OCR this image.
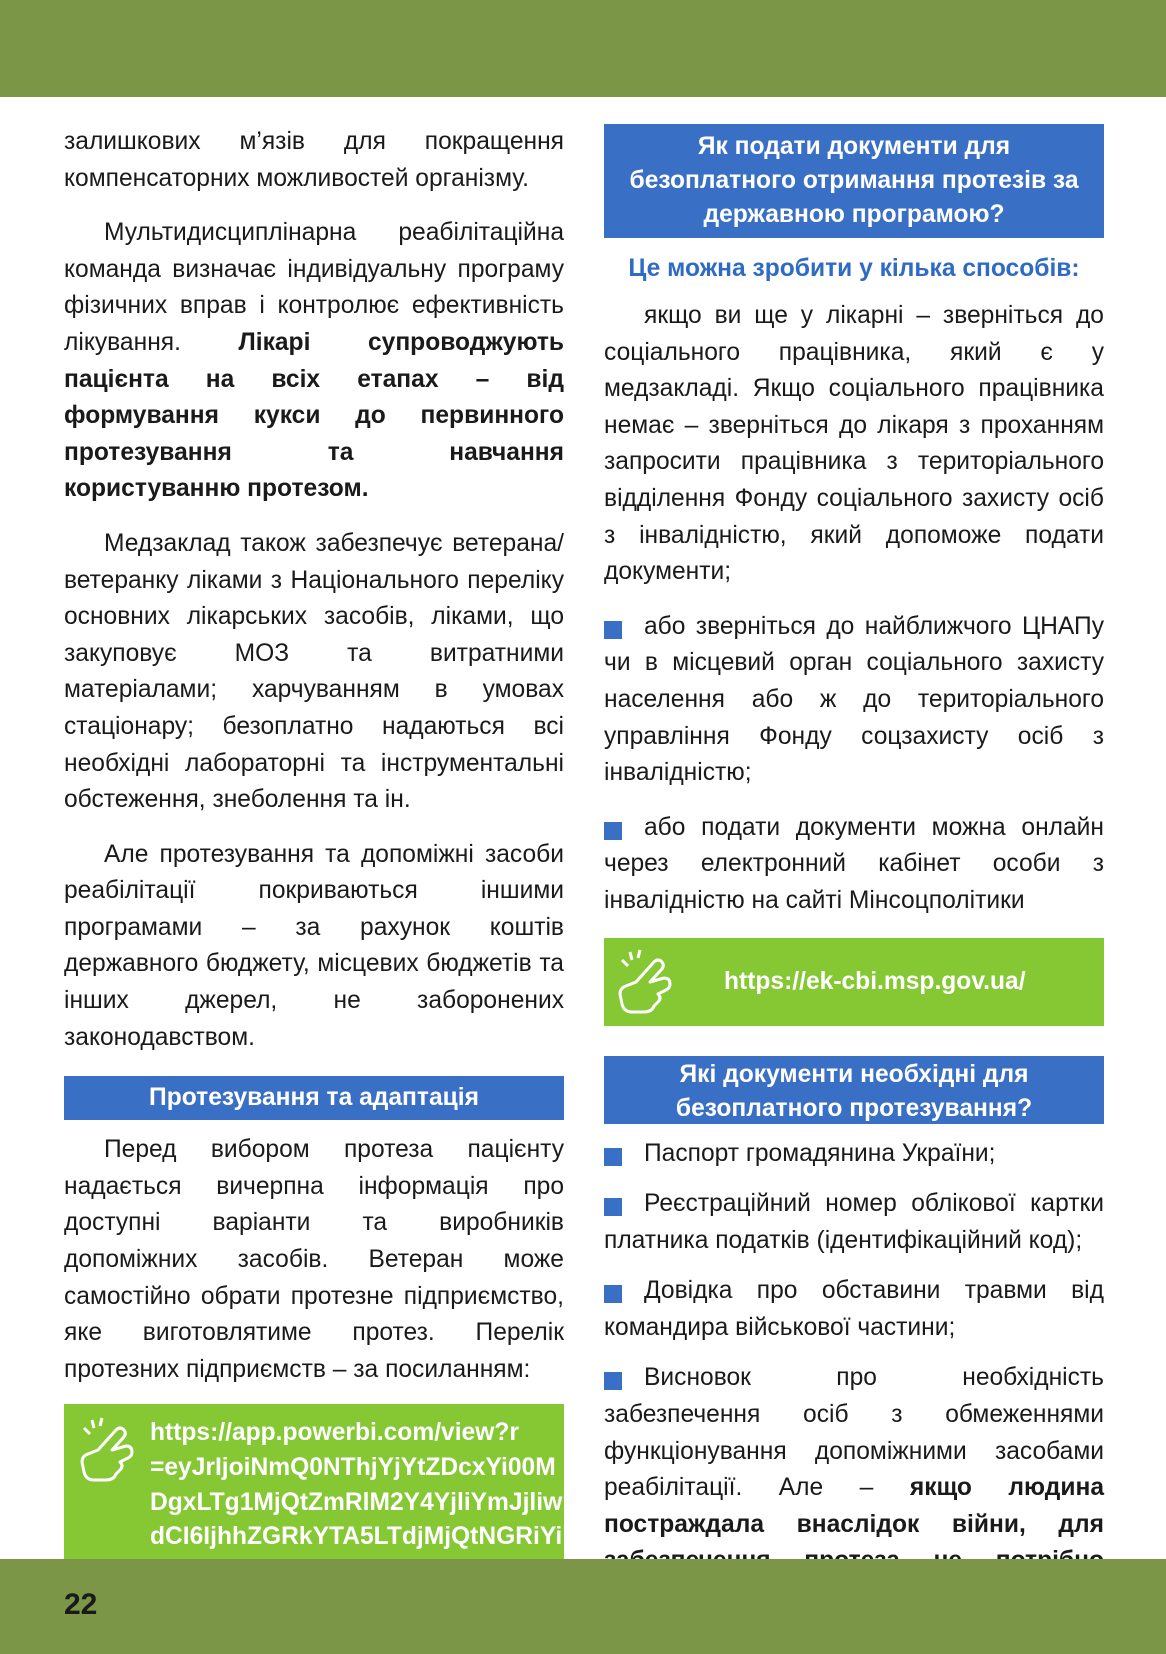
залишкових м’язів для покращення компенсаторних можливостей організму.

Мультидисциплінарна реабілітаційна команда визначає індивідуальну програму фізичних вправ і контролює ефективність лікування. Лікарі супроводжують пацієнта на всіх етапах – від формування кукси до первинного протезування та навчання користуванню протезом.

Медзаклад також забезпечує ветерана/ветеранку ліками з Національного переліку основних лікарських засобів, ліками, що закуповує МОЗ та витратними матеріалами; харчуванням в умовах стаціонару; безоплатно надаються всі необхідні лабораторні та інструментальні обстеження, знеболення та ін.

Але протезування та допоміжні засоби реабілітації покриваються іншими програмами – за рахунок коштів державного бюджету, місцевих бюджетів та інших джерел, не заборонених законодавством.

Протезування та адаптація

Перед вибором протеза пацієнту надається вичерпна інформація про доступні варіанти та виробників допоміжних засобів. Ветеран може самостійно обрати протезне підприємство, яке виготовлятиме протез. Перелік протезних підприємств – за посиланням:

https://app.powerbi.com/view?r
=eyJrIjoiNmQ0NThjYjYtZDcxYi00M
DgxLTg1MjQtZmRlM2Y4YjliYmJjliwi
dCI6IjhhZGRkYTA5LTdjMjQtNGRiYi
Як подати документи для безоплатного отримання протезів за державною програмою?
Це можна зробити у кілька способів:

якщо ви ще у лікарні – зверніться до соціального працівника, який є у медзакладі. Якщо соціального працівника немає – зверніться до лікаря з проханням запросити працівника з територіального відділення Фонду соціального захисту осіб з інвалідністю, який допоможе подати документи;

або зверніться до найближчого ЦНАПу чи в місцевий орган соціального захисту населення або ж до територіального управління Фонду соцзахисту осіб з інвалідністю;

або подати документи можна онлайн через електронний кабінет особи з інвалідністю на сайті Мінсоцполітики

https://ek-cbi.msp.gov.ua/
Які документи необхідні для
безоплатного протезування?

Паспорт громадянина України;

Реєстраційний номер облікової картки платника податків (ідентифікаційний код);

Довідка про обставини травми від командира військової частини;

Висновок про необхідність забезпечення осіб з обмеженнями функціонування допоміжними засобами реабілітації. Але – якщо людина постраждала внаслідок війни, для

22
